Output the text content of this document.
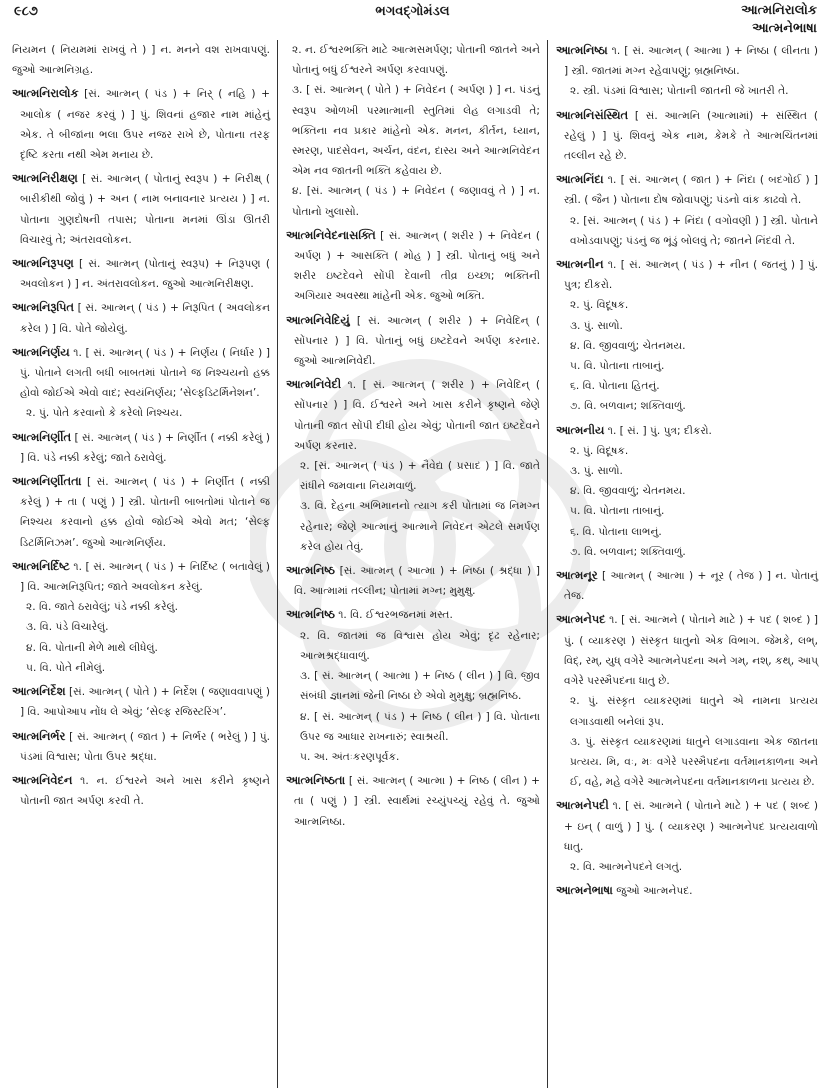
૯૮૭	ભગવદ્ગોમંડલ	આત્મનિરાલોક
આત્મનેભાષા
નિયમન ( નિયમમાં રાખવું તે ) ] ન. મનને વશ રાખવાપણું. જુઓ આત્મનિગ્રહ.
આત્મનિરાલોક [સં. આત્મન્ ( પંડ ) + નિર્ ( નહિ ) + આલોક ( નજર કરવું ) ] પું. શિવનાં હજાર નામ માંહેનું એક. તે બીજાંના ભલા ઉપર નજર રાખે છે, પોતાના તરફ દૃષ્ટિ કરતા નથી એમ મનાય છે.
આત્મનિરીક્ષણ [ સં. આત્મન્ ( પોતાનું સ્વરૂપ ) + નિરીક્ષ્ ( બારીકીથી જોવું ) + અન ( નામ બનાવનાર પ્રત્યય ) ] ન. પોતાના ગુણદોષની તપાસ; પોતાના મનમાં ઊંડા ઊતરી વિચારવું તે; અંતરાવલોકન.
આત્મનિરૂપણ [ સં. આત્મન્ (પોતાનું સ્વરૂપ) + નિરૂપણ ( અવલોકન ) ] ન. અંતરાવલોકન. જુઓ આત્મનિરીક્ષણ.
આત્મનિરૂપિત [ સં. આત્મન્ ( પંડ ) + નિરૂપિત ( અવલોકન કરેલ ) ] વિ. પોતે જોયેલું.
આત્મનિર્ણય ૧. [ સં. આત્મન્ ( પંડ ) + નિર્ણય ( નિર્ધાર ) ] પું. પોતાને લગતી બધી બાબતમાં પોતાને જ નિશ્ચયનો હક્ક હોવો જોઈએ એવો વાદ; સ્વયંનિર્ણય; ‘સેલ્ફડિટર્મિનેશન’.
૨. પું. પોતે કરવાનો કે કરેલો નિશ્ચય.
આત્મનિર્ણીત [ સં. આત્મન્ ( પંડ ) + નિર્ણીત ( નક્કી કરેલું ) ] વિ. પંડે નક્કી કરેલું; જાતે ઠરાવેલું.
આત્મનિર્ણીતતા [ સં. આત્મન્ ( પંડ ) + નિર્ણીત ( નક્કી કરેલું ) + તા ( પણું ) ] સ્ત્રી. પોતાની બાબતોમાં પોતાને જ નિશ્ચય કરવાનો હક્ક હોવો જોઈએ એવો મત; ‘સેલ્ફ ડિટર્મિનિઝમ’. જુઓ આત્મનિર્ણય.
આત્મનિર્દિષ્ટ ૧. [ સં. આત્મન્ ( પંડ ) + નિર્દિષ્ટ ( બતાવેલું ) ] વિ. આત્મનિરૂપિત; જાતે અવલોકન કરેલું.
૨. વિ. જાતે ઠરાવેલું; પંડે નક્કી કરેલું.
૩. વિ. પંડે વિચારેલું.
૪. વિ. પોતાની મેળે માથે લીધેલું.
૫. વિ. પોતે નીમેલું.
આત્મનિર્દેશ [સં. આત્મન્ ( પોતે ) + નિર્દેશ ( જણાવવાપણું ) ] વિ. આપોઆપ નોંધ લે એવું; ‘સેલ્ફ રજિસ્ટરિંગ’.
આત્મનિર્ભર [ સં. આત્મન્ ( જાત ) + નિર્ભર ( ભરેલું ) ] પું. પંડમાં વિશ્વાસ; પોતા ઉપર શ્રદ્ધા.
આત્મનિવેદન ૧. ન. ઈશ્વરને અને ખાસ કરીને કૃષ્ણને પોતાની જાત અર્પણ કરવી તે.
૨. ન. ઈશ્વરભક્તિ માટે આત્મસમર્પણ; પોતાની જાતને અને પોતાનું બધું ઈશ્વરને અર્પણ કરવાપણું.
૩. [ સં. આત્મન્ ( પોતે ) + નિવેદન ( અર્પણ ) ] ન. પંડનું સ્વરૂપ ઓળખી પરમાત્માની સ્તુતિમાં લેહ લગાડવી તે; ભક્તિના નવ પ્રકાર માંહેનો એક. મનન, કીર્તન, ધ્યાન, સ્મરણ, પાદસેવન, અર્ચન, વંદન, દાસ્ય અને આત્મનિવેદન એમ નવ જાતની ભક્તિ કહેવાય છે.
૪. [સં. આત્મન્ ( પંડ ) + નિવેદન ( જણાવવું તે ) ] ન. પોતાનો ખુલાસો.
આત્મનિવેદનાસક્તિ [ સં. આત્મન્ ( શરીર ) + નિવેદન ( અર્પણ ) + આસક્તિ ( મોહ ) ] સ્ત્રી. પોતાનું બધું અને શરીર ઇષ્ટદેવને સોંપી દેવાની તીવ્ર ઇચ્છા; ભક્તિની અગિયાર અવસ્થા માંહેની એક. જુઓ ભક્તિ.
આત્મનિવેદિયું [ સં. આત્મન્ ( શરીર ) + નિવેદિન્ ( સોંપનાર ) ] વિ. પોતાનું બધું ઇષ્ટદેવને અર્પણ કરનાર. જુઓ આત્મનિવેદી.
આત્મનિવેદી ૧. [ સં. આત્મન્ ( શરીર ) + નિવેદિન્ ( સોંપનાર ) ] વિ. ઈશ્વરને અને ખાસ કરીને કૃષ્ણને જેણે પોતાની જાત સોંપી દીધી હોય એવું; પોતાની જાત ઇષ્ટદેવને અર્પણ કરનાર.
૨. [સં. આત્મન્ ( પંડ ) + નૈવેદ્ય ( પ્રસાદ ) ] વિ. જાતે રાંધીને જમવાના નિયમવાળું.
૩. વિ. દેહના અભિમાનનો ત્યાગ કરી પોતામાં જ નિમગ્ન રહેનાર; જેણે આત્માનું આત્માને નિવેદન એટલે સમર્પણ કરેલ હોય તેવું.
આત્મનિષ્ઠ [સં. આત્મન્ ( આત્મા ) + નિષ્ઠા ( શ્રદ્ધા ) ] વિ. આત્મામાં તલ્લીન; પોતામાં મગ્ન; મુમુક્ષુ.
આત્મનિષ્ઠ ૧. વિ. ઈશ્વરભજનમાં મસ્ત.
૨. વિ. જાતમાં જ વિશ્વાસ હોય એવું; દૃઢ રહેનાર; આત્મશ્રદ્ધાવાળું.
૩. [ સં. આત્મન્ ( આત્મા ) + નિષ્ઠ ( લીન ) ] વિ. જીવ સંબંધી જ્ઞાનમાં જેની નિષ્ઠા છે એવો મુમુક્ષુ; બ્રહ્મનિષ્ઠ.
૪. [ સં. આત્મન્ ( પંડ ) + નિષ્ઠ ( લીન ) ] વિ. પોતાના ઉપર જ આધાર રાખનારું; સ્વાશ્રયી.
૫. અ. અંતઃકરણપૂર્વક.
આત્મનિષ્ઠતા [ સં. આત્મન્ ( આત્મા ) + નિષ્ઠ ( લીન ) + તા ( પણું ) ] સ્ત્રી. સ્વાર્થમાં રચ્યુંપચ્યું રહેવું તે. જુઓ આત્મનિષ્ઠા.
આત્મનિષ્ઠા ૧. [ સં. આત્મન્ ( આત્મા ) + નિષ્ઠા ( લીનતા ) ] સ્ત્રી. જાતમાં મગ્ન રહેવાપણું; બ્રહ્મનિષ્ઠા.
૨. સ્ત્રી. પંડમાં વિશ્વાસ; પોતાની જાતની જે ખાતરી તે.
આત્મનિસંસ્થિત [ સં. આત્મનિ (આત્મામાં) + સંસ્થિત ( રહેલું ) ] પું. શિવનું એક નામ, કેમકે તે આત્મચિંતનમાં તલ્લીન રહે છે.
આત્મનિંદા ૧. [ સં. આત્મન્ ( જાત ) + નિંદા ( બદગોઈ ) ] સ્ત્રી. ( જૈન ) પોતાના દોષ જોવાપણું; પંડનો વાંક કાઢવો તે.
૨. [સં. આત્મન્ ( પંડ ) + નિંદા ( વગોવણી ) ] સ્ત્રી. પોતાને વખોડવાપણું; પંડનું જ ભૂંડું બોલવું તે; જાતને નિંદવી તે.
આત્મનીન ૧. [ સં. આત્મન્ ( પંડ ) + નીન ( જતનું ) ] પું. પુત્ર; દીકરો.
૨. પું. વિદૂષક.
૩. પું. સાળો.
૪. વિ. જીવવાળું; ચેતનમય.
૫. વિ. પોતાના તાબાનું.
૬. વિ. પોતાના હિતનું.
૭. વિ. બળવાન; શક્તિવાળું.
આત્મનીય ૧. [ સં. ] પું. પુત્ર; દીકરો.
૨. પું. વિદૂષક.
૩. પું. સાળો.
૪. વિ. જીવવાળું; ચેતનમય.
૫. વિ. પોતાના તાબાનું.
૬. વિ. પોતાના લાભનું.
૭. વિ. બળવાન; શક્તિવાળું.
આત્મનૂર [ આત્મન્ ( આત્મા ) + નૂર ( તેજ ) ] ન. પોતાનું તેજ.
આત્મનેપદ ૧. [ સં. આત્મને ( પોતાને માટે ) + પદ ( શબ્દ ) ] પું. ( વ્યાકરણ ) સંસ્કૃત ધાતુનો એક વિભાગ. જેમકે, લભ્, વિદ્, રમ્, યુધ્ વગેરે આત્મનેપદના અને ગમ્, નશ્, કથ્, આપ્ વગેરે પરસ્મૈપદના ધાતુ છે.
૨. પું. સંસ્કૃત વ્યાકરણમાં ધાતુને એ નામના પ્રત્યય લગાડવાથી બનેલાં રૂપ.
૩. પું. સંસ્કૃત વ્યાકરણમાં ધાતુને લગાડવાના એક જાતના પ્રત્યય. મિ, વઃ, મઃ વગેરે પરસ્મૈપદના વર્તમાનકાળના અને ઈ, વહે, મહે વગેરે આત્મનેપદના વર્તમાનકાળના પ્રત્યય છે.
આત્મનેપદી ૧. [ સં. આત્મને ( પોતાને માટે ) + પદ ( શબ્દ ) + ઇન્ ( વાળું ) ] પું. ( વ્યાકરણ ) આત્મનેપદ પ્રત્યયવાળો ધાતુ.
૨. વિ. આત્મનેપદને લગતું.
આત્મનેભાષા જુઓ આત્મનેપદ.
